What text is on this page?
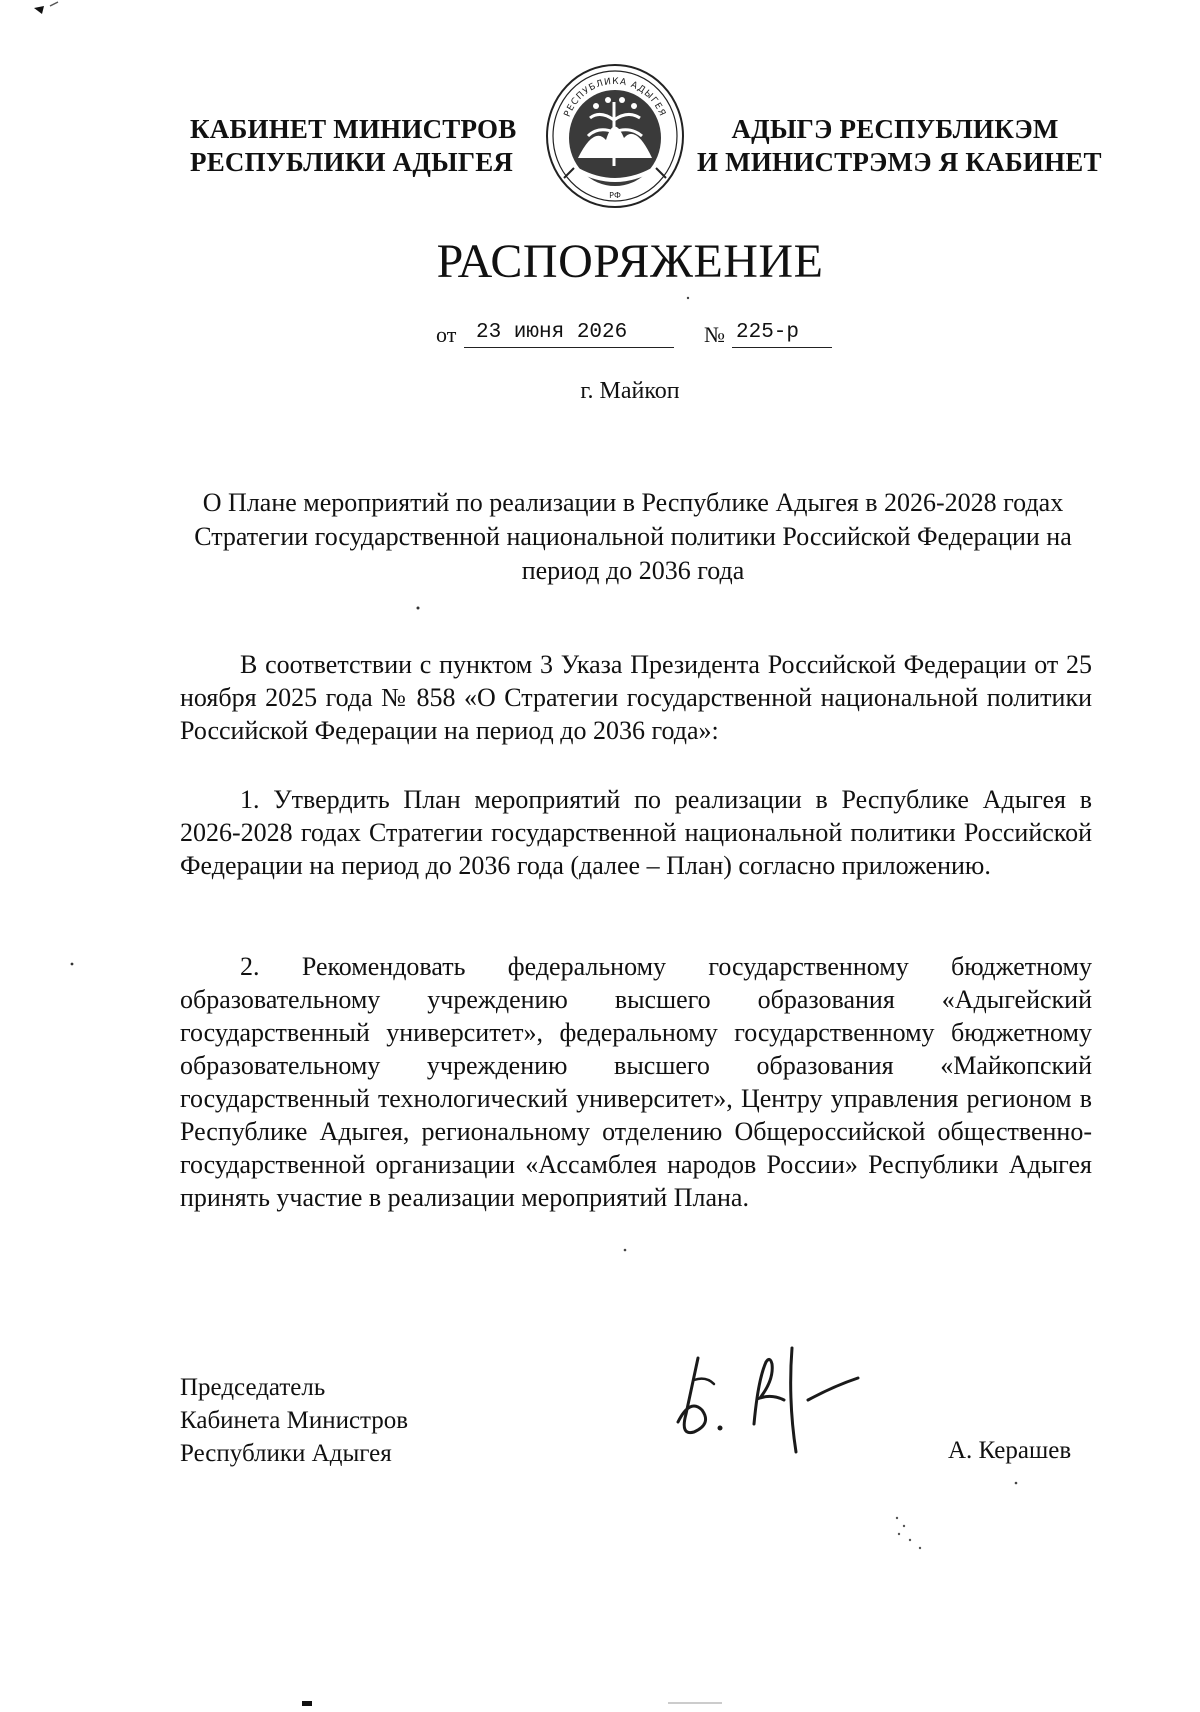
КАБИНЕТ МИНИСТРОВ
РЕСПУБЛИКИ АДЫГЕЯ
РЕСПУБЛИКА АДЫГЕЯ
РФ
АДЫГЭ РЕСПУБЛИКЭМ
И МИНИСТРЭМЭ Я КАБИНЕТ
РАСПОРЯЖЕНИЕ
от 23 июня 2026	№ 225-р
г. Майкоп
О Плане мероприятий по реализации в Республике Адыгея в 2026-2028 годах Стратегии государственной национальной политики Российской Федерации на период до 2036 года
В соответствии с пунктом 3 Указа Президента Российской Федерации от 25 ноября 2025 года № 858 «О Стратегии государственной национальной политики Российской Федерации на период до 2036 года»:
1. Утвердить План мероприятий по реализации в Республике Адыгея в 2026-2028 годах Стратегии государственной национальной политики Российской Федерации на период до 2036 года (далее – План) согласно приложению.
2. Рекомендовать федеральному государственному бюджетному образовательному учреждению высшего образования «Адыгейский государственный университет», федеральному государственному бюджетному образовательному учреждению высшего образования «Майкопский государственный технологический университет», Центру управления регионом в Республике Адыгея, региональному отделению Общероссийской общественно-государственной организации «Ассамблея народов России» Республики Адыгея принять участие в реализации мероприятий Плана.
Председатель
Кабинета Министров
Республики Адыгея	А. Керашев
